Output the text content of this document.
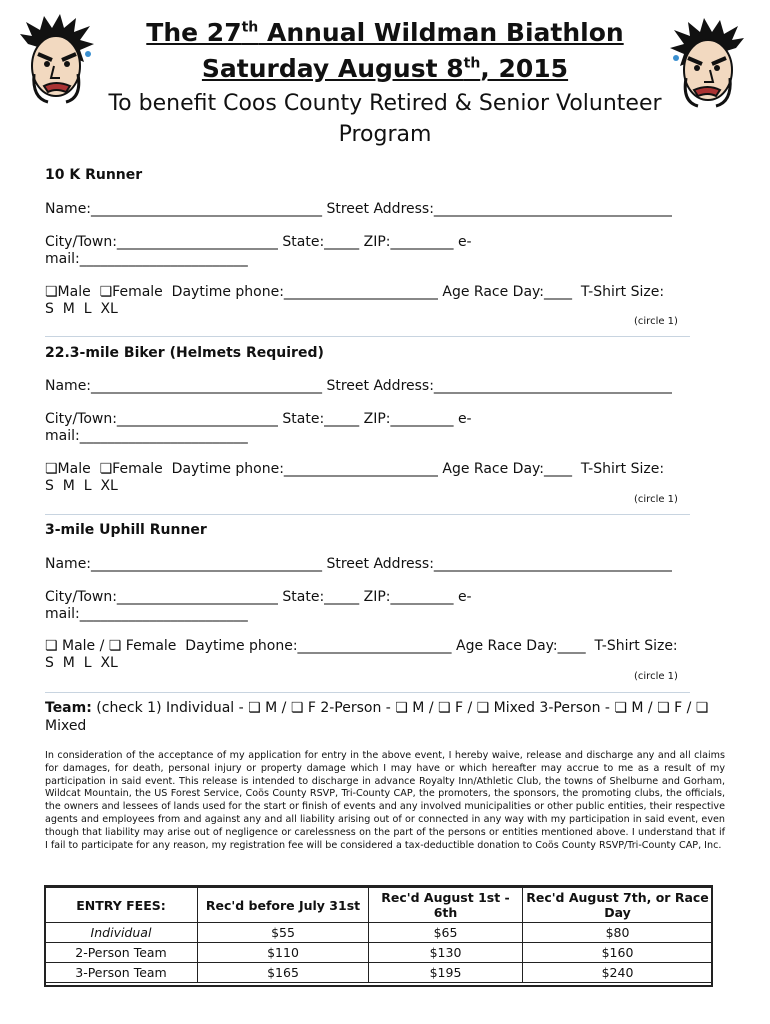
The 27th Annual Wildman Biathlon
Saturday August 8th, 2015
To benefit Coos County Retired & Senior Volunteer Program
10 K Runner
Name:_________________________________ Street Address:__________________________________
City/Town:_______________________ State:_____ ZIP:_________ e-
mail:________________________
❏Male  ❏Female  Daytime phone:______________________ Age Race Day:____  T-Shirt Size:
S  M  L  XL
(circle 1)
22.3-mile Biker (Helmets Required)
Name:_________________________________ Street Address:__________________________________
City/Town:_______________________ State:_____ ZIP:_________ e-
mail:________________________
❏Male  ❏Female  Daytime phone:______________________ Age Race Day:____  T-Shirt Size:
S  M  L  XL
(circle 1)
3-mile Uphill Runner
Name:_________________________________ Street Address:__________________________________
City/Town:_______________________ State:_____ ZIP:_________ e-
mail:________________________
❏ Male / ❏ Female  Daytime phone:______________________ Age Race Day:____  T-Shirt Size:
S  M  L  XL
(circle 1)
Team: (check 1) Individual - ❏ M / ❏ F 2-Person - ❏ M / ❏ F / ❏ Mixed 3-Person - ❏ M / ❏ F / ❏ Mixed
In consideration of the acceptance of my application for entry in the above event, I hereby waive, release and discharge any and all claims for damages, for death, personal injury or property damage which I may have or which hereafter may accrue to me as a result of my participation in said event. This release is intended to discharge in advance Royalty Inn/Athletic Club, the towns of Shelburne and Gorham, Wildcat Mountain, the US Forest Service, Coös County RSVP, Tri-County CAP, the promoters, the sponsors, the promoting clubs, the officials, the owners and lessees of lands used for the start or finish of events and any involved municipalities or other public entities, their respective agents and employees from and against any and all liability arising out of or connected in any way with my participation in said event, even though that liability may arise out of negligence or carelessness on the part of the persons or entities mentioned above. I understand that if I fail to participate for any reason, my registration fee will be considered a tax-deductible donation to Coös County RSVP/Tri-County CAP, Inc.
ENTRY FEES:	Rec'd before July 31st	Rec'd August 1st - 6th	Rec'd August 7th, or Race Day
Individual	$55	$65	$80
2-Person Team	$110	$130	$160
3-Person Team	$165	$195	$240
